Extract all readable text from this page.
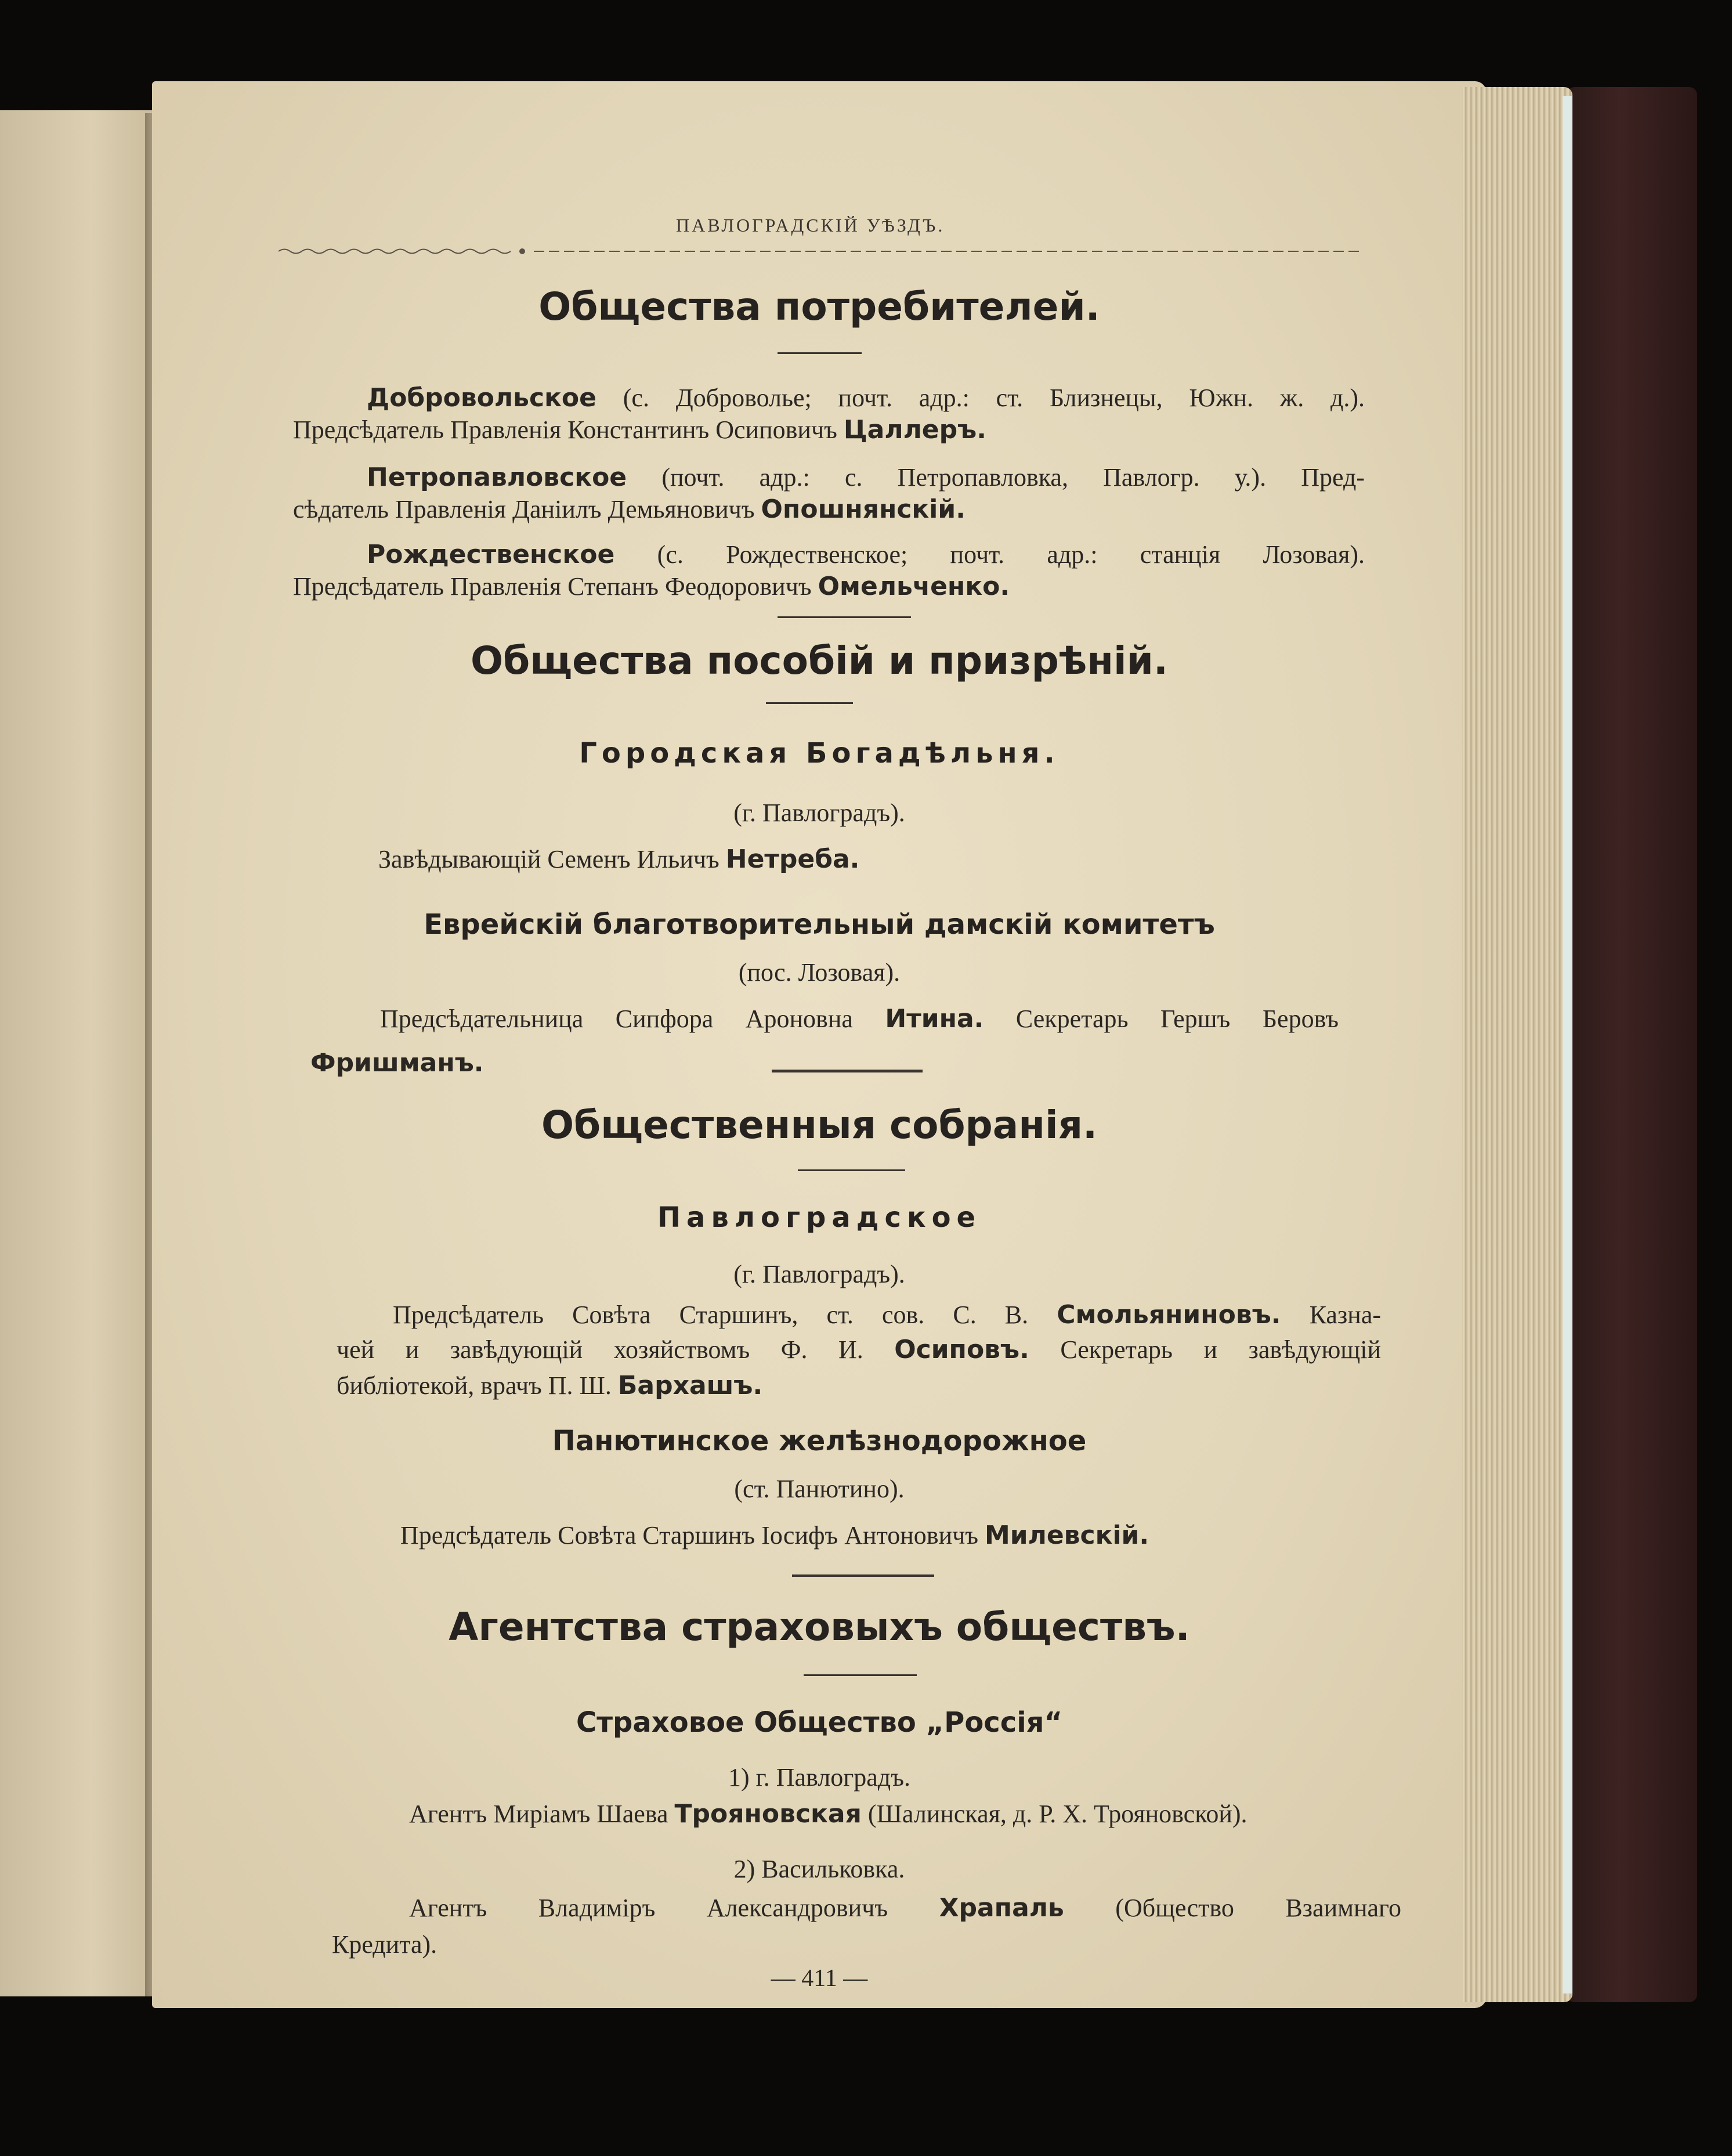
ПАВЛОГРАДСКІЙ УѢЗДЪ.
Общества потребителей.
Добровольское (с. Добровольe; почт. адр.: ст. Близнецы, Южн. ж. д.).
Предсѣдатель Правленія Константинъ Осиповичъ Цаллеръ.
Петропавловское (почт. адр.: с. Петропавловка, Павлогр. у.). Пред-
сѣдатель Правленія Даніилъ Демьяновичъ Опошнянскій.
Рождественское (с. Рождественское; почт. адр.: станція Лозовая).
Предсѣдатель Правленія Степанъ Феодоровичъ Омельченко.
Общества пособій и призрѣній.
Городская Богадѣльня.
(г. Павлоградъ).
Завѣдывающій Семенъ Ильичъ Нетреба.
Еврейскій благотворительный дамскій комитетъ
(пос. Лозовая).
Предсѣдательница Сипфора Ароновна Итина. Секретарь Гершъ Беровъ
Фришманъ.
Общественныя собранія.
Павлоградское
(г. Павлоградъ).
Предсѣдатель Совѣта Старшинъ, ст. сов. С. В. Смольяниновъ. Казна-
чей и завѣдующій хозяйствомъ Ф. И. Осиповъ. Секретарь и завѣдующій
библіотекой, врачъ П. Ш. Бархашъ.
Панютинское желѣзнодорожное
(ст. Панютино).
Предсѣдатель Совѣта Старшинъ Іосифъ Антоновичъ Милевскій.
Агентства страховыхъ обществъ.
Страховое Общество „Россія“
1) г. Павлоградъ.
Агентъ Миріамъ Шаева Трояновская (Шалинская, д. Р. Х. Трояновской).
2) Васильковка.
Агентъ Владиміръ Александровичъ Храпаль (Общество Взаимнаго
Кредита).
— 411 —
